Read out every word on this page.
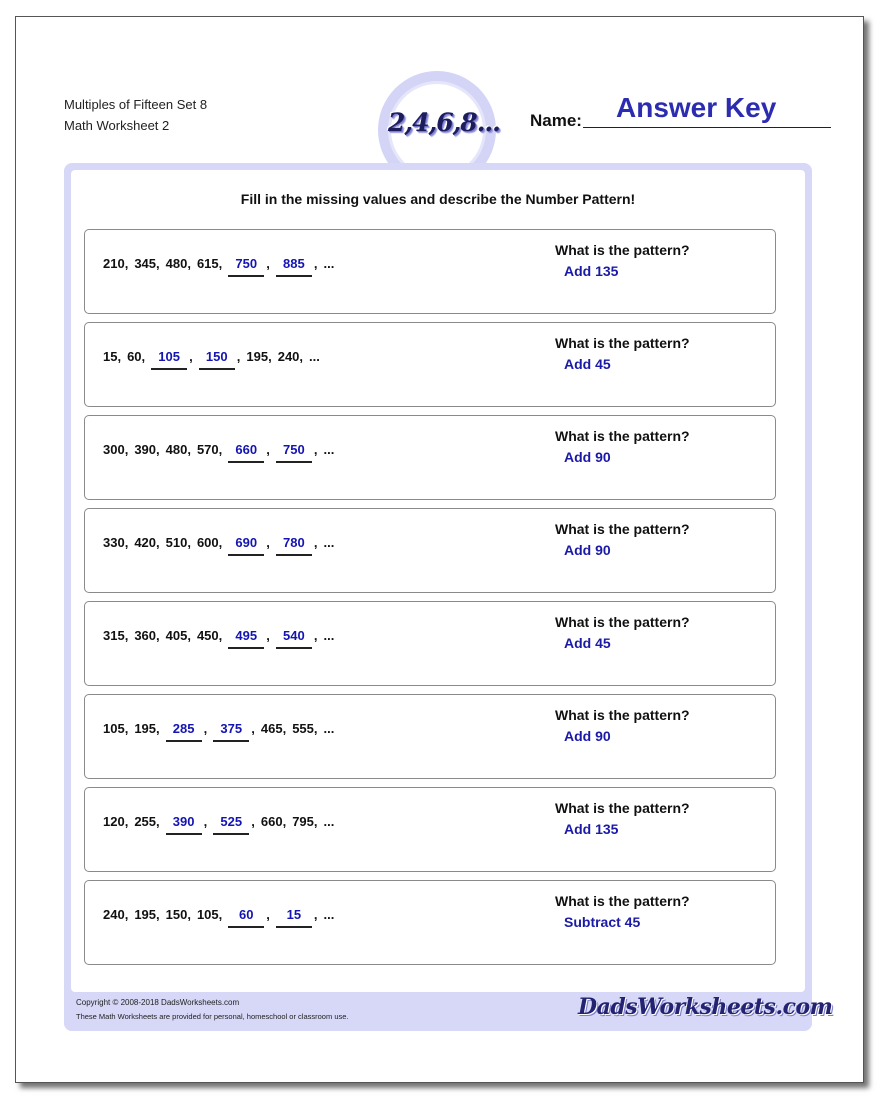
Multiples of Fifteen Set 8
Math Worksheet 2	2,4,6,8... Name: Answer Key
Fill in the missing values and describe the Number Pattern!
210, 345, 480, 615, 750 , 885 , ...
What is the pattern?
Add 135
15, 60, 105 , 150 , 195, 240, ...
What is the pattern?
Add 45
300, 390, 480, 570, 660 , 750 , ...
What is the pattern?
Add 90
330, 420, 510, 600, 690 , 780 , ...
What is the pattern?
Add 90
315, 360, 405, 450, 495 , 540 , ...
What is the pattern?
Add 45
105, 195, 285 , 375 , 465, 555, ...
What is the pattern?
Add 90
120, 255, 390 , 525 , 660, 795, ...
What is the pattern?
Add 135
240, 195, 150, 105, 60 , 15 , ...
What is the pattern?
Subtract 45
Copyright © 2008-2018 DadsWorksheets.com
These Math Worksheets are provided for personal, homeschool or classroom use.	DadsWorksheets.com
